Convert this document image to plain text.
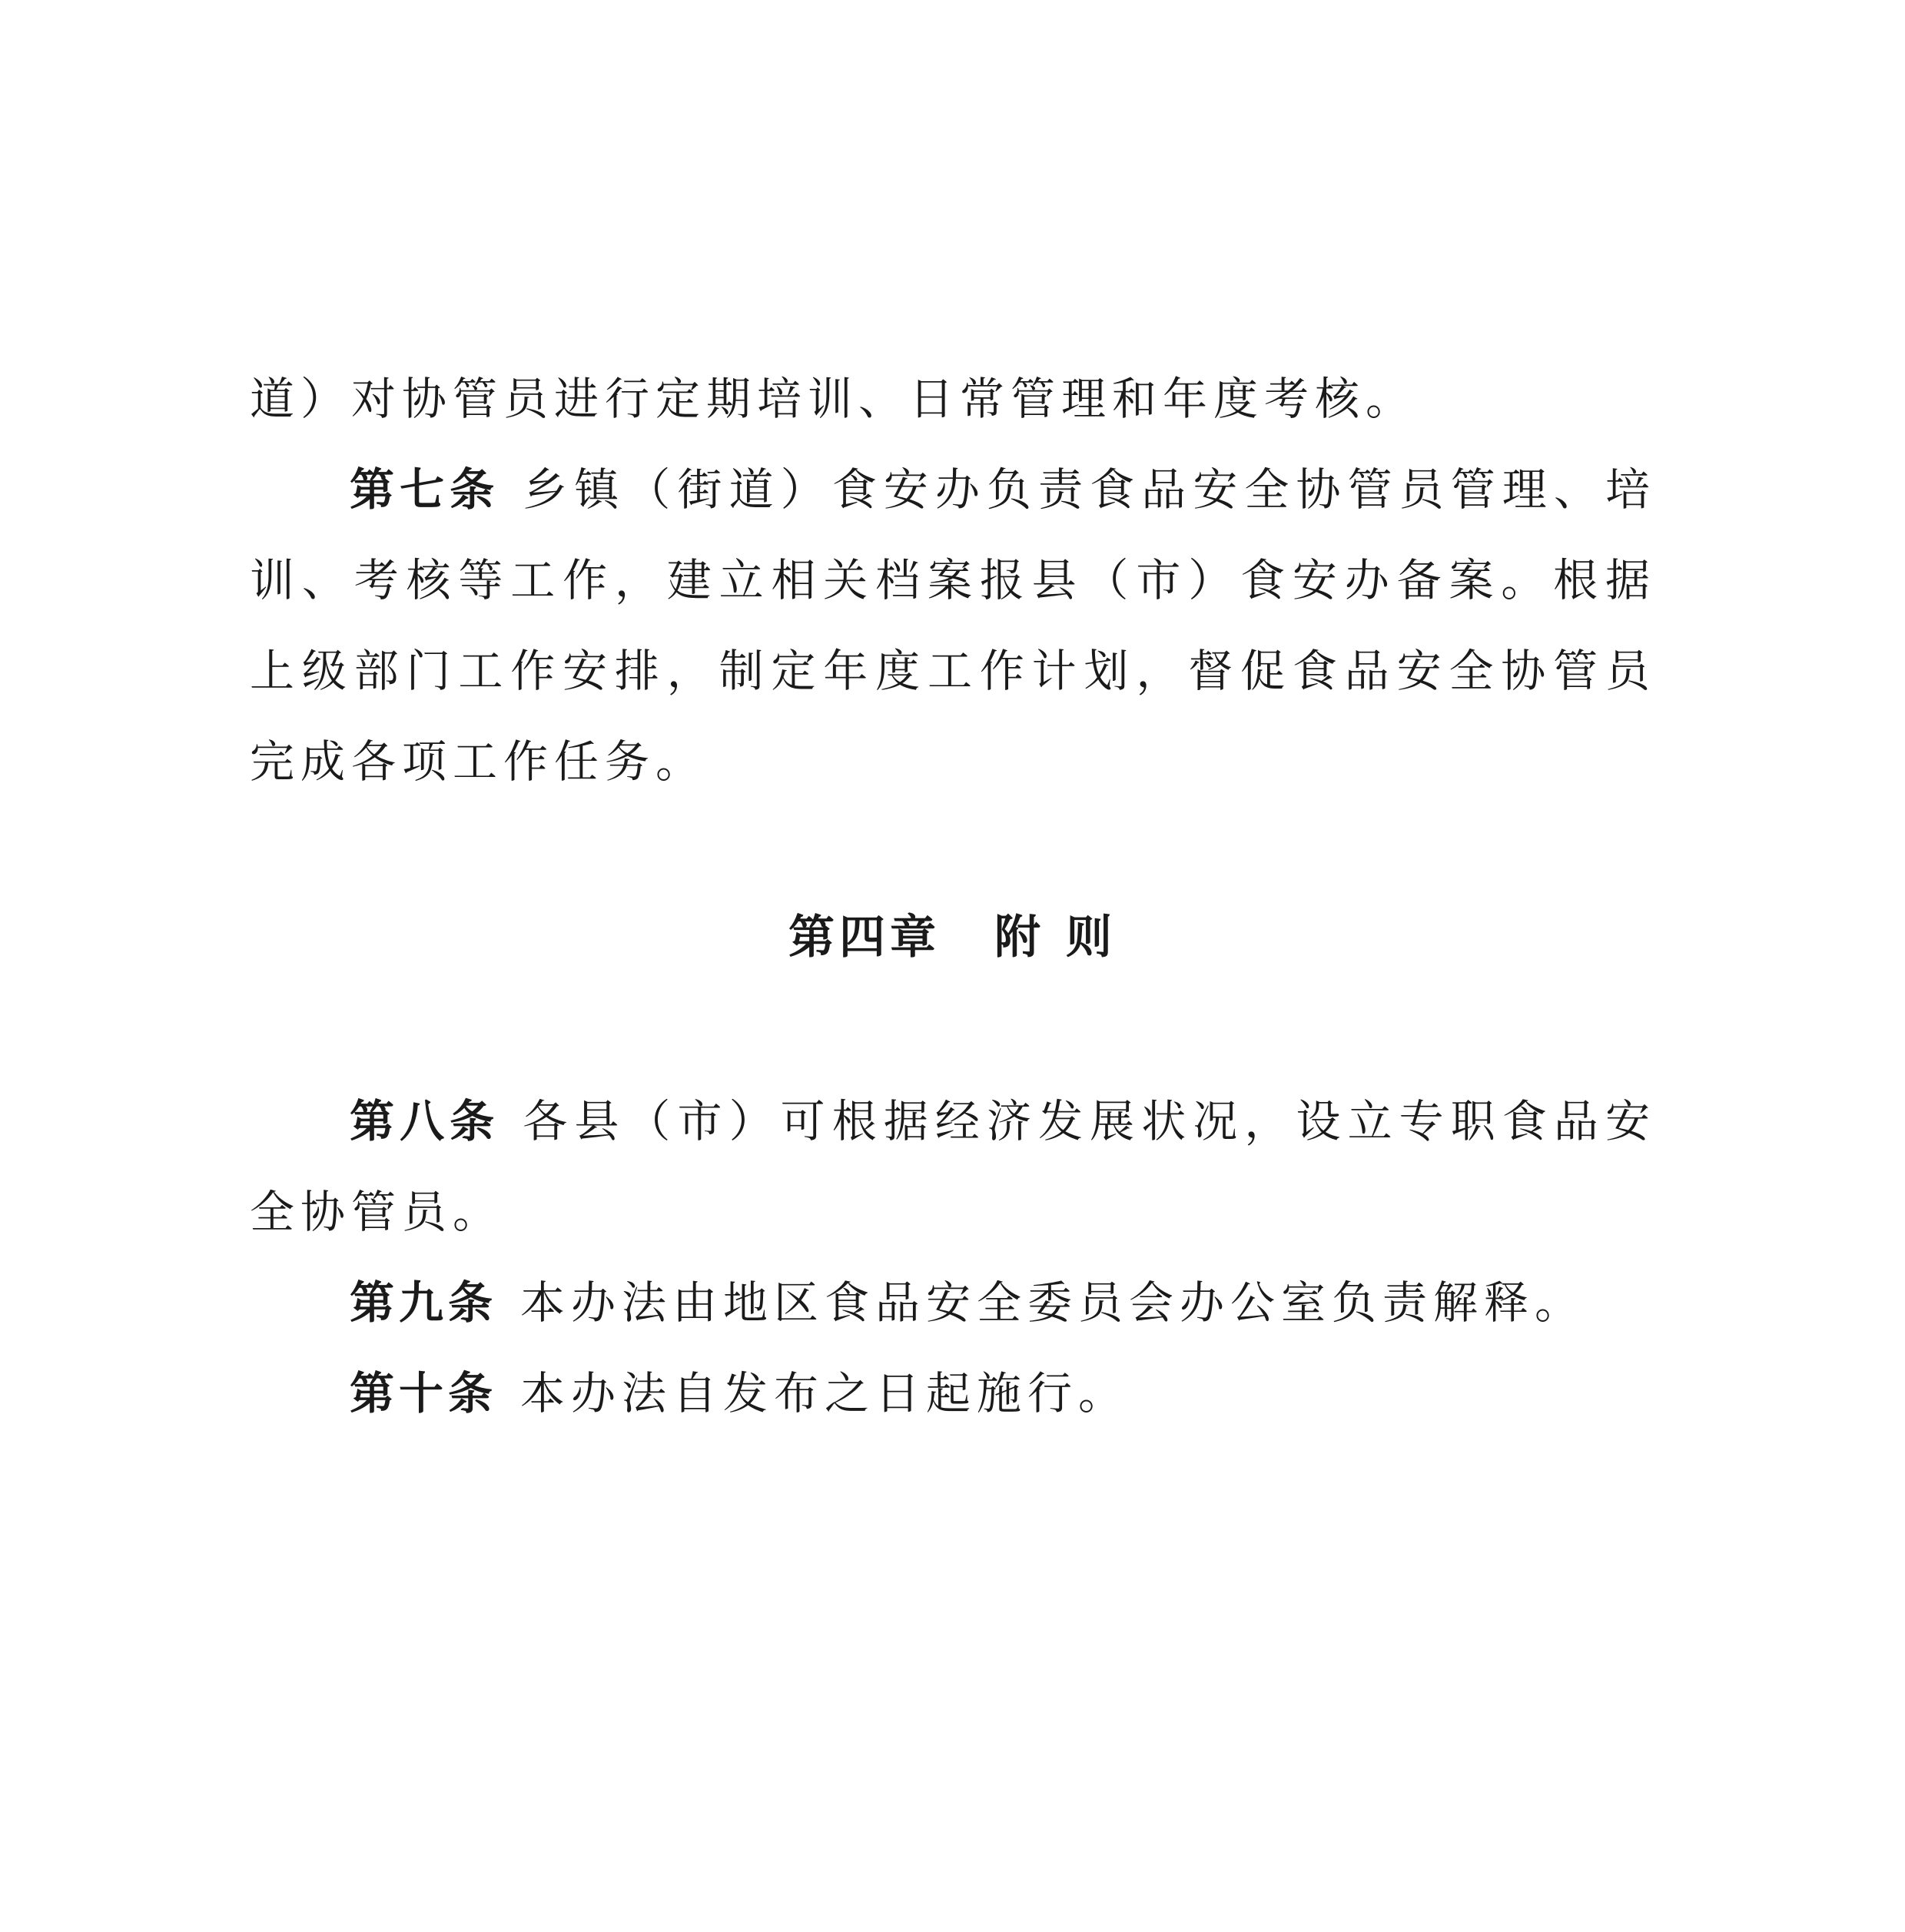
道）对协管员进行定期培训、日常管理和年度考核。

第七条 乡镇（街道）食安办负责食品安全协管员管理、培训、考核等工作，建立相关档案报县（市）食安办备案。根据上级部门工作安排，制定年度工作计划，督促食品安全协管员完成各项工作任务。

第四章 附 则

第八条 各县（市）可根据经济发展状况，设立专职食品安全协管员。

第九条 本办法由地区食品安全委员会办公室负责解释。

第十条 本办法自发布之日起施行。
